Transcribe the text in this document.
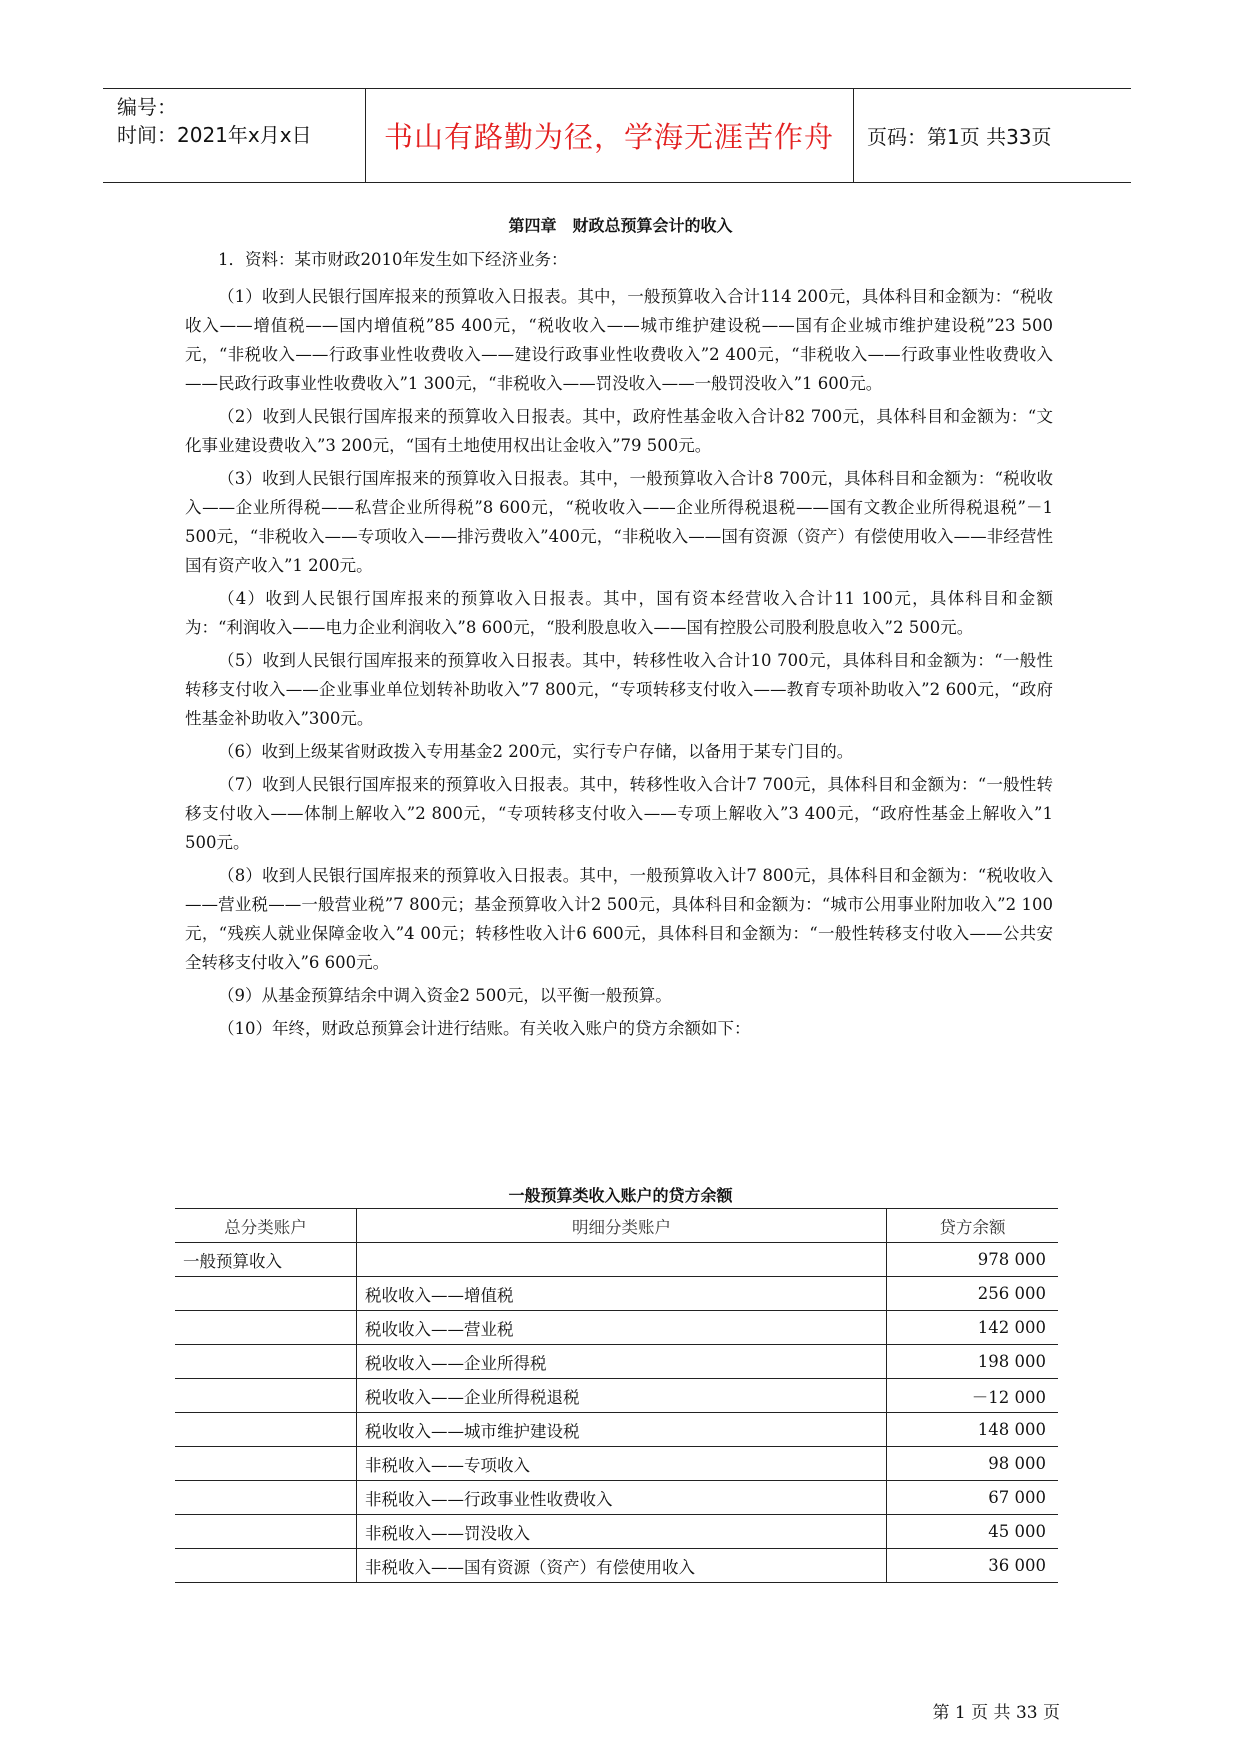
编号：
时间：2021年x月x日	书山有路勤为径，学海无涯苦作舟	页码：第1页 共33页
第四章　财政总预算会计的收入

1．资料：某市财政2010年发生如下经济业务：

（1）收到人民银行国库报来的预算收入日报表。其中，一般预算收入合计114 200元，具体科目和金额为：“税收收入——增值税——国内增值税”85 400元，“税收收入——城市维护建设税——国有企业城市维护建设税”23 500元，“非税收入——行政事业性收费收入——建设行政事业性收费收入”2 400元，“非税收入——行政事业性收费收入——民政行政事业性收费收入”1 300元，“非税收入——罚没收入——一般罚没收入”1 600元。

（2）收到人民银行国库报来的预算收入日报表。其中，政府性基金收入合计82 700元，具体科目和金额为：“文化事业建设费收入”3 200元，“国有土地使用权出让金收入”79 500元。

（3）收到人民银行国库报来的预算收入日报表。其中，一般预算收入合计8 700元，具体科目和金额为：“税收收入——企业所得税——私营企业所得税”8 600元，“税收收入——企业所得税退税——国有文教企业所得税退税”－1 500元，“非税收入——专项收入——排污费收入”400元，“非税收入——国有资源（资产）有偿使用收入——非经营性国有资产收入”1 200元。

（4）收到人民银行国库报来的预算收入日报表。其中，国有资本经营收入合计11 100元，具体科目和金额为：“利润收入——电力企业利润收入”8 600元，“股利股息收入——国有控股公司股利股息收入”2 500元。

（5）收到人民银行国库报来的预算收入日报表。其中，转移性收入合计10 700元，具体科目和金额为：“一般性转移支付收入——企业事业单位划转补助收入”7 800元，“专项转移支付收入——教育专项补助收入”2 600元，“政府性基金补助收入”300元。

（6）收到上级某省财政拨入专用基金2 200元，实行专户存储，以备用于某专门目的。

（7）收到人民银行国库报来的预算收入日报表。其中，转移性收入合计7 700元，具体科目和金额为：“一般性转移支付收入——体制上解收入”2 800元，“专项转移支付收入——专项上解收入”3 400元，“政府性基金上解收入”1 500元。

（8）收到人民银行国库报来的预算收入日报表。其中，一般预算收入计7 800元，具体科目和金额为：“税收收入——营业税——一般营业税”7 800元；基金预算收入计2 500元，具体科目和金额为：“城市公用事业附加收入”2 100元，“残疾人就业保障金收入”4 00元；转移性收入计6 600元，具体科目和金额为：“一般性转移支付收入——公共安全转移支付收入”6 600元。

（9）从基金预算结余中调入资金2 500元，以平衡一般预算。

（10）年终，财政总预算会计进行结账。有关收入账户的贷方余额如下：

一般预算类收入账户的贷方余额
总分类账户	明细分类账户	贷方余额
一般预算收入		978 000
	税收收入——增值税	256 000
	税收收入——营业税	142 000
	税收收入——企业所得税	198 000
	税收收入——企业所得税退税	－12 000
	税收收入——城市维护建设税	148 000
	非税收入——专项收入	98 000
	非税收入——行政事业性收费收入	67 000
	非税收入——罚没收入	45 000
	非税收入——国有资源（资产）有偿使用收入	36 000
第 1 页 共 33 页
